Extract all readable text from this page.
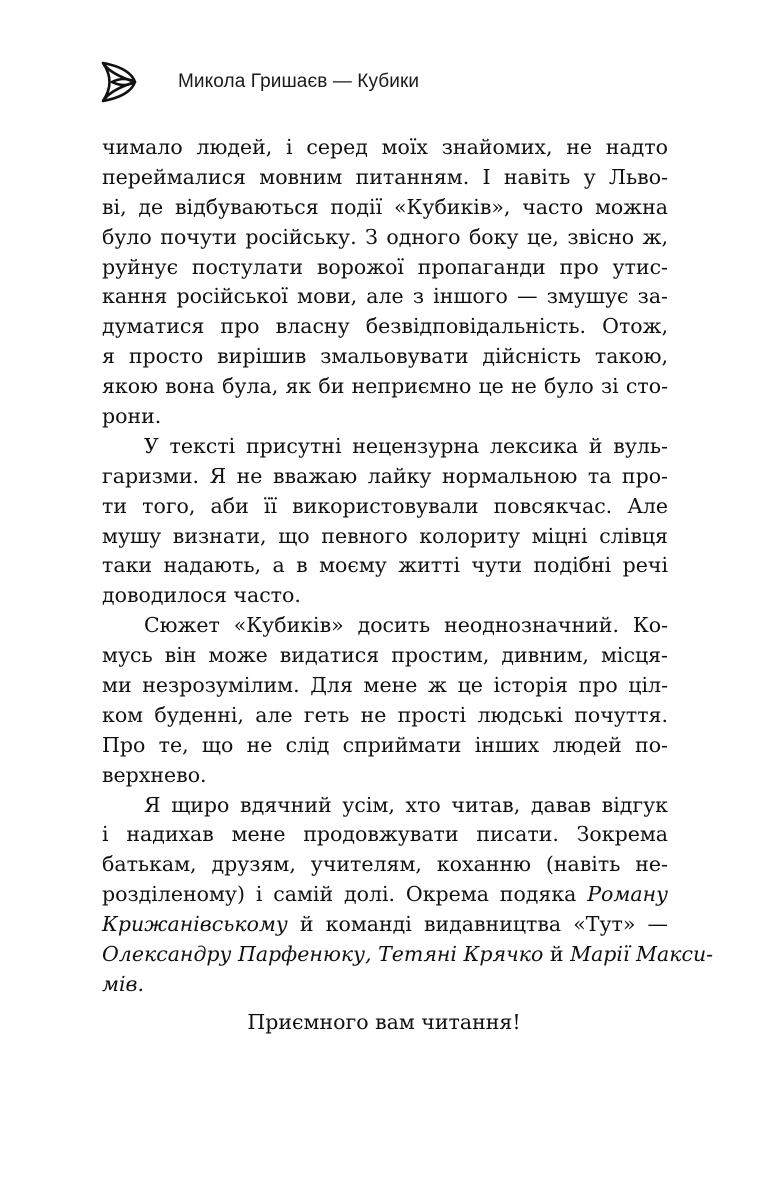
Микола Гришаєв — Кубики
чимало людей, і серед моїх знайомих, не надто
переймалися мовним питанням. І навіть у Льво-
ві, де відбуваються події «Кубиків», часто можна
було почути російську. З одного боку це, звісно ж,
руйнує постулати ворожої пропаганди про утис-
кання російської мови, але з іншого — змушує за-
думатися про власну безвідповідальність. Отож,
я просто вирішив змальовувати дійсність такою,
якою вона була, як би неприємно це не було зі сто-
рони.
У тексті присутні нецензурна лексика й вуль-
гаризми. Я не вважаю лайку нормальною та про-
ти того, аби її використовували повсякчас. Але
мушу визнати, що певного колориту міцні слівця
таки надають, а в моєму житті чути подібні речі
доводилося часто.
Сюжет «Кубиків» досить неоднозначний. Ко-
мусь він може видатися простим, дивним, місця-
ми незрозумілим. Для мене ж це історія про ціл-
ком буденні, але геть не прості людські почуття.
Про те, що не слід сприймати інших людей по-
верхнево.
Я щиро вдячний усім, хто читав, давав відгук
і надихав мене продовжувати писати. Зокрема
батькам, друзям, учителям, коханню (навіть не-
розділеному) і самій долі. Окрема подяка Роману
Крижанівському й команді видавництва «Тут» —
Олександру Парфенюку, Тетяні Крячко й Марії Макси-
мів.
Приємного вам читання!
